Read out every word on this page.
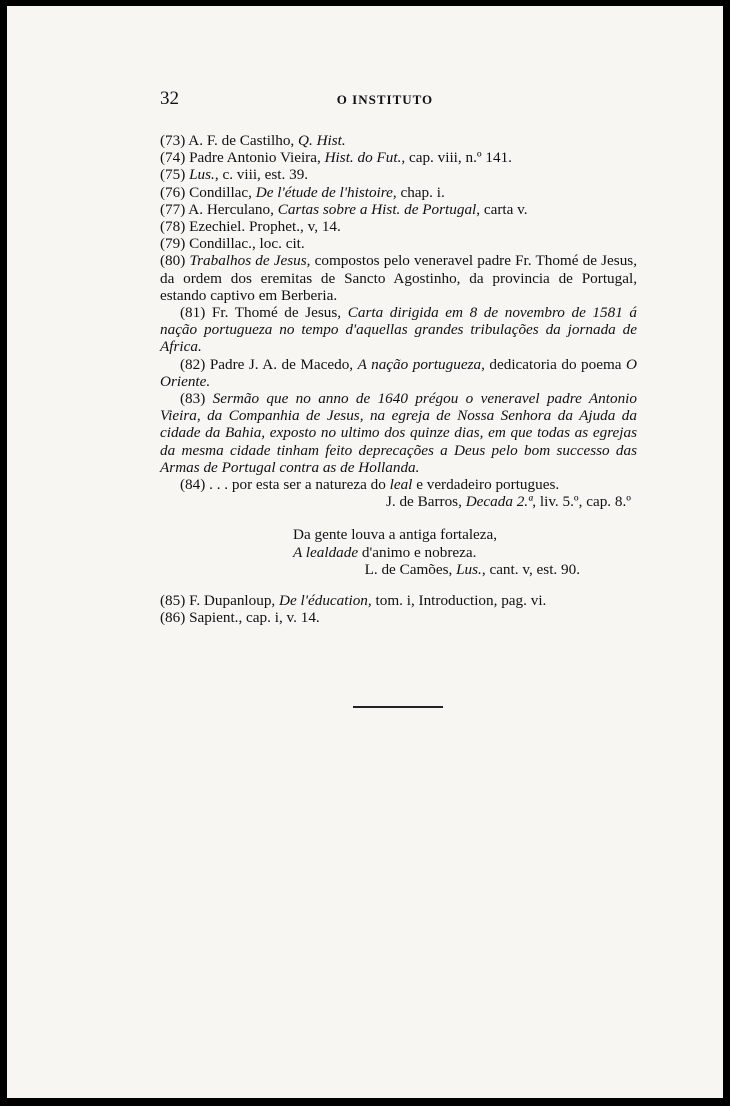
32	O INSTITUTO

(73) A. F. de Castilho, Q. Hist.

(74) Padre Antonio Vieira, Hist. do Fut., cap. viii, n.º 141.

(75) Lus., c. viii, est. 39.

(76) Condillac, De l'étude de l'histoire, chap. i.

(77) A. Herculano, Cartas sobre a Hist. de Portugal, carta v.

(78) Ezechiel. Prophet., v, 14.

(79) Condillac., loc. cit.

(80) Trabalhos de Jesus, compostos pelo veneravel padre Fr. Thomé de Jesus, da ordem dos eremitas de Sancto Agostinho, da provincia de Portugal, estando captivo em Berberia.

(81) Fr. Thomé de Jesus, Carta dirigida em 8 de novembro de 1581 á nação portugueza no tempo d'aquellas grandes tribulações da jornada de Africa.

(82) Padre J. A. de Macedo, A nação portugueza, dedicatoria do poema O Oriente.

(83) Sermão que no anno de 1640 prégou o veneravel padre Antonio Vieira, da Companhia de Jesus, na egreja de Nossa Senhora da Ajuda da cidade da Bahia, exposto no ultimo dos quinze dias, em que todas as egrejas da mesma cidade tinham feito deprecações a Deus pelo bom successo das Armas de Portugal contra as de Hollanda.

(84) . . . por esta ser a natureza do leal e verdadeiro portugues.

J. de Barros, Decada 2.ª, liv. 5.º, cap. 8.º

Da gente louva a antiga fortaleza,
A lealdade d'animo e nobreza.
L. de Camões, Lus., cant. v, est. 90.

(85) F. Dupanloup, De l'éducation, tom. i, Introduction, pag. vi.

(86) Sapient., cap. i, v. 14.
